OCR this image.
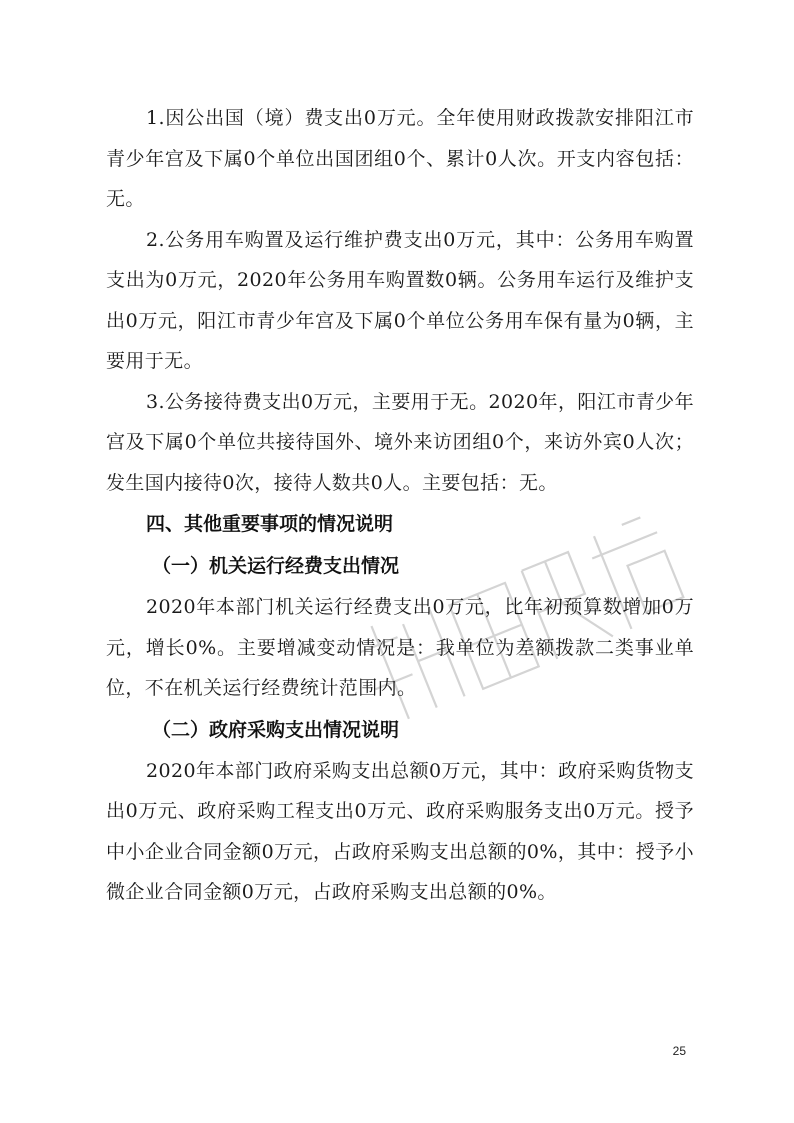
1.因公出国（境）费支出0万元。全年使用财政拨款安排阳江市青少年宫及下属0个单位出国团组0个、累计0人次。开支内容包括：无。

2.公务用车购置及运行维护费支出0万元，其中：公务用车购置支出为0万元，2020年公务用车购置数0辆。公务用车运行及维护支出0万元，阳江市青少年宫及下属0个单位公务用车保有量为0辆，主要用于无。

3.公务接待费支出0万元，主要用于无。2020年，阳江市青少年宫及下属0个单位共接待国外、境外来访团组0个，来访外宾0人次；发生国内接待0次，接待人数共0人。主要包括：无。

四、其他重要事项的情况说明
（一）机关运行经费支出情况

2020年本部门机关运行经费支出0万元，比年初预算数增加0万元，增长0%。主要增减变动情况是：我单位为差额拨款二类事业单位，不在机关运行经费统计范围内。

（二）政府采购支出情况说明

2020年本部门政府采购支出总额0万元，其中：政府采购货物支出0万元、政府采购工程支出0万元、政府采购服务支出0万元。授予中小企业合同金额0万元，占政府采购支出总额的0%，其中：授予小微企业合同金额0万元，占政府采购支出总额的0%。

25
